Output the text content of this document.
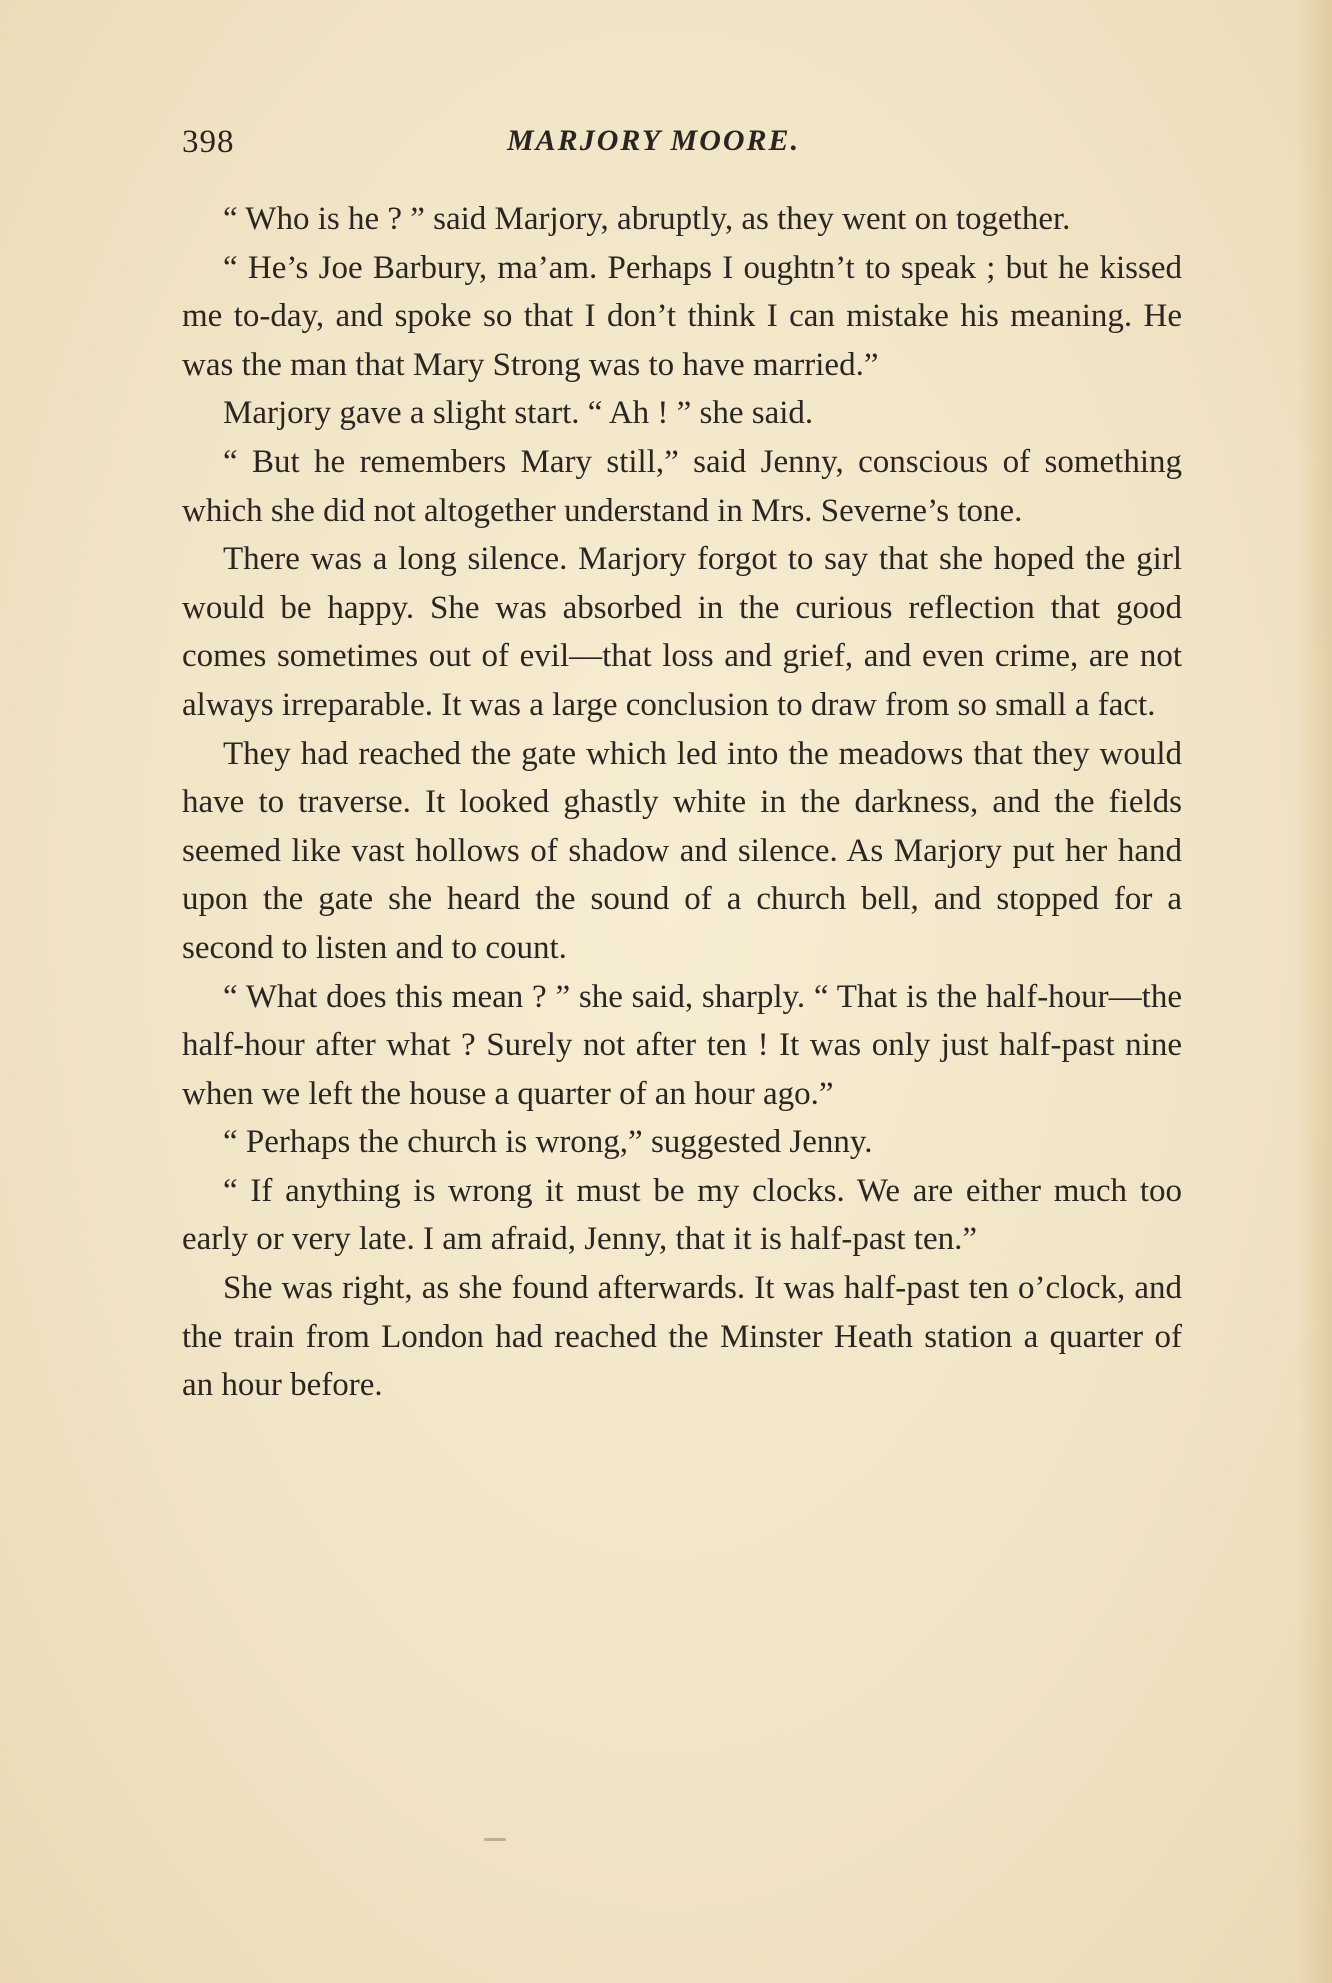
398	MARJORY MOORE.

“ Who is he ? ” said Marjory, abruptly, as they went on together.

“ He’s Joe Barbury, ma’am. Perhaps I oughtn’t to speak ; but he kissed me to-day, and spoke so that I don’t think I can mistake his meaning. He was the man that Mary Strong was to have married.”

Marjory gave a slight start. “ Ah ! ” she said.

“ But he remembers Mary still,” said Jenny, conscious of something which she did not altogether understand in Mrs. Severne’s tone.

There was a long silence. Marjory forgot to say that she hoped the girl would be happy. She was absorbed in the curious reflection that good comes sometimes out of evil—that loss and grief, and even crime, are not always irreparable. It was a large conclusion to draw from so small a fact.

They had reached the gate which led into the meadows that they would have to traverse. It looked ghastly white in the darkness, and the fields seemed like vast hollows of shadow and silence. As Marjory put her hand upon the gate she heard the sound of a church bell, and stopped for a second to listen and to count.

“ What does this mean ? ” she said, sharply. “ That is the half-hour—the half-hour after what ? Surely not after ten ! It was only just half-past nine when we left the house a quarter of an hour ago.”

“ Perhaps the church is wrong,” suggested Jenny.

“ If anything is wrong it must be my clocks. We are either much too early or very late. I am afraid, Jenny, that it is half-past ten.”

She was right, as she found afterwards. It was half-past ten o’clock, and the train from London had reached the Minster Heath station a quarter of an hour before.
